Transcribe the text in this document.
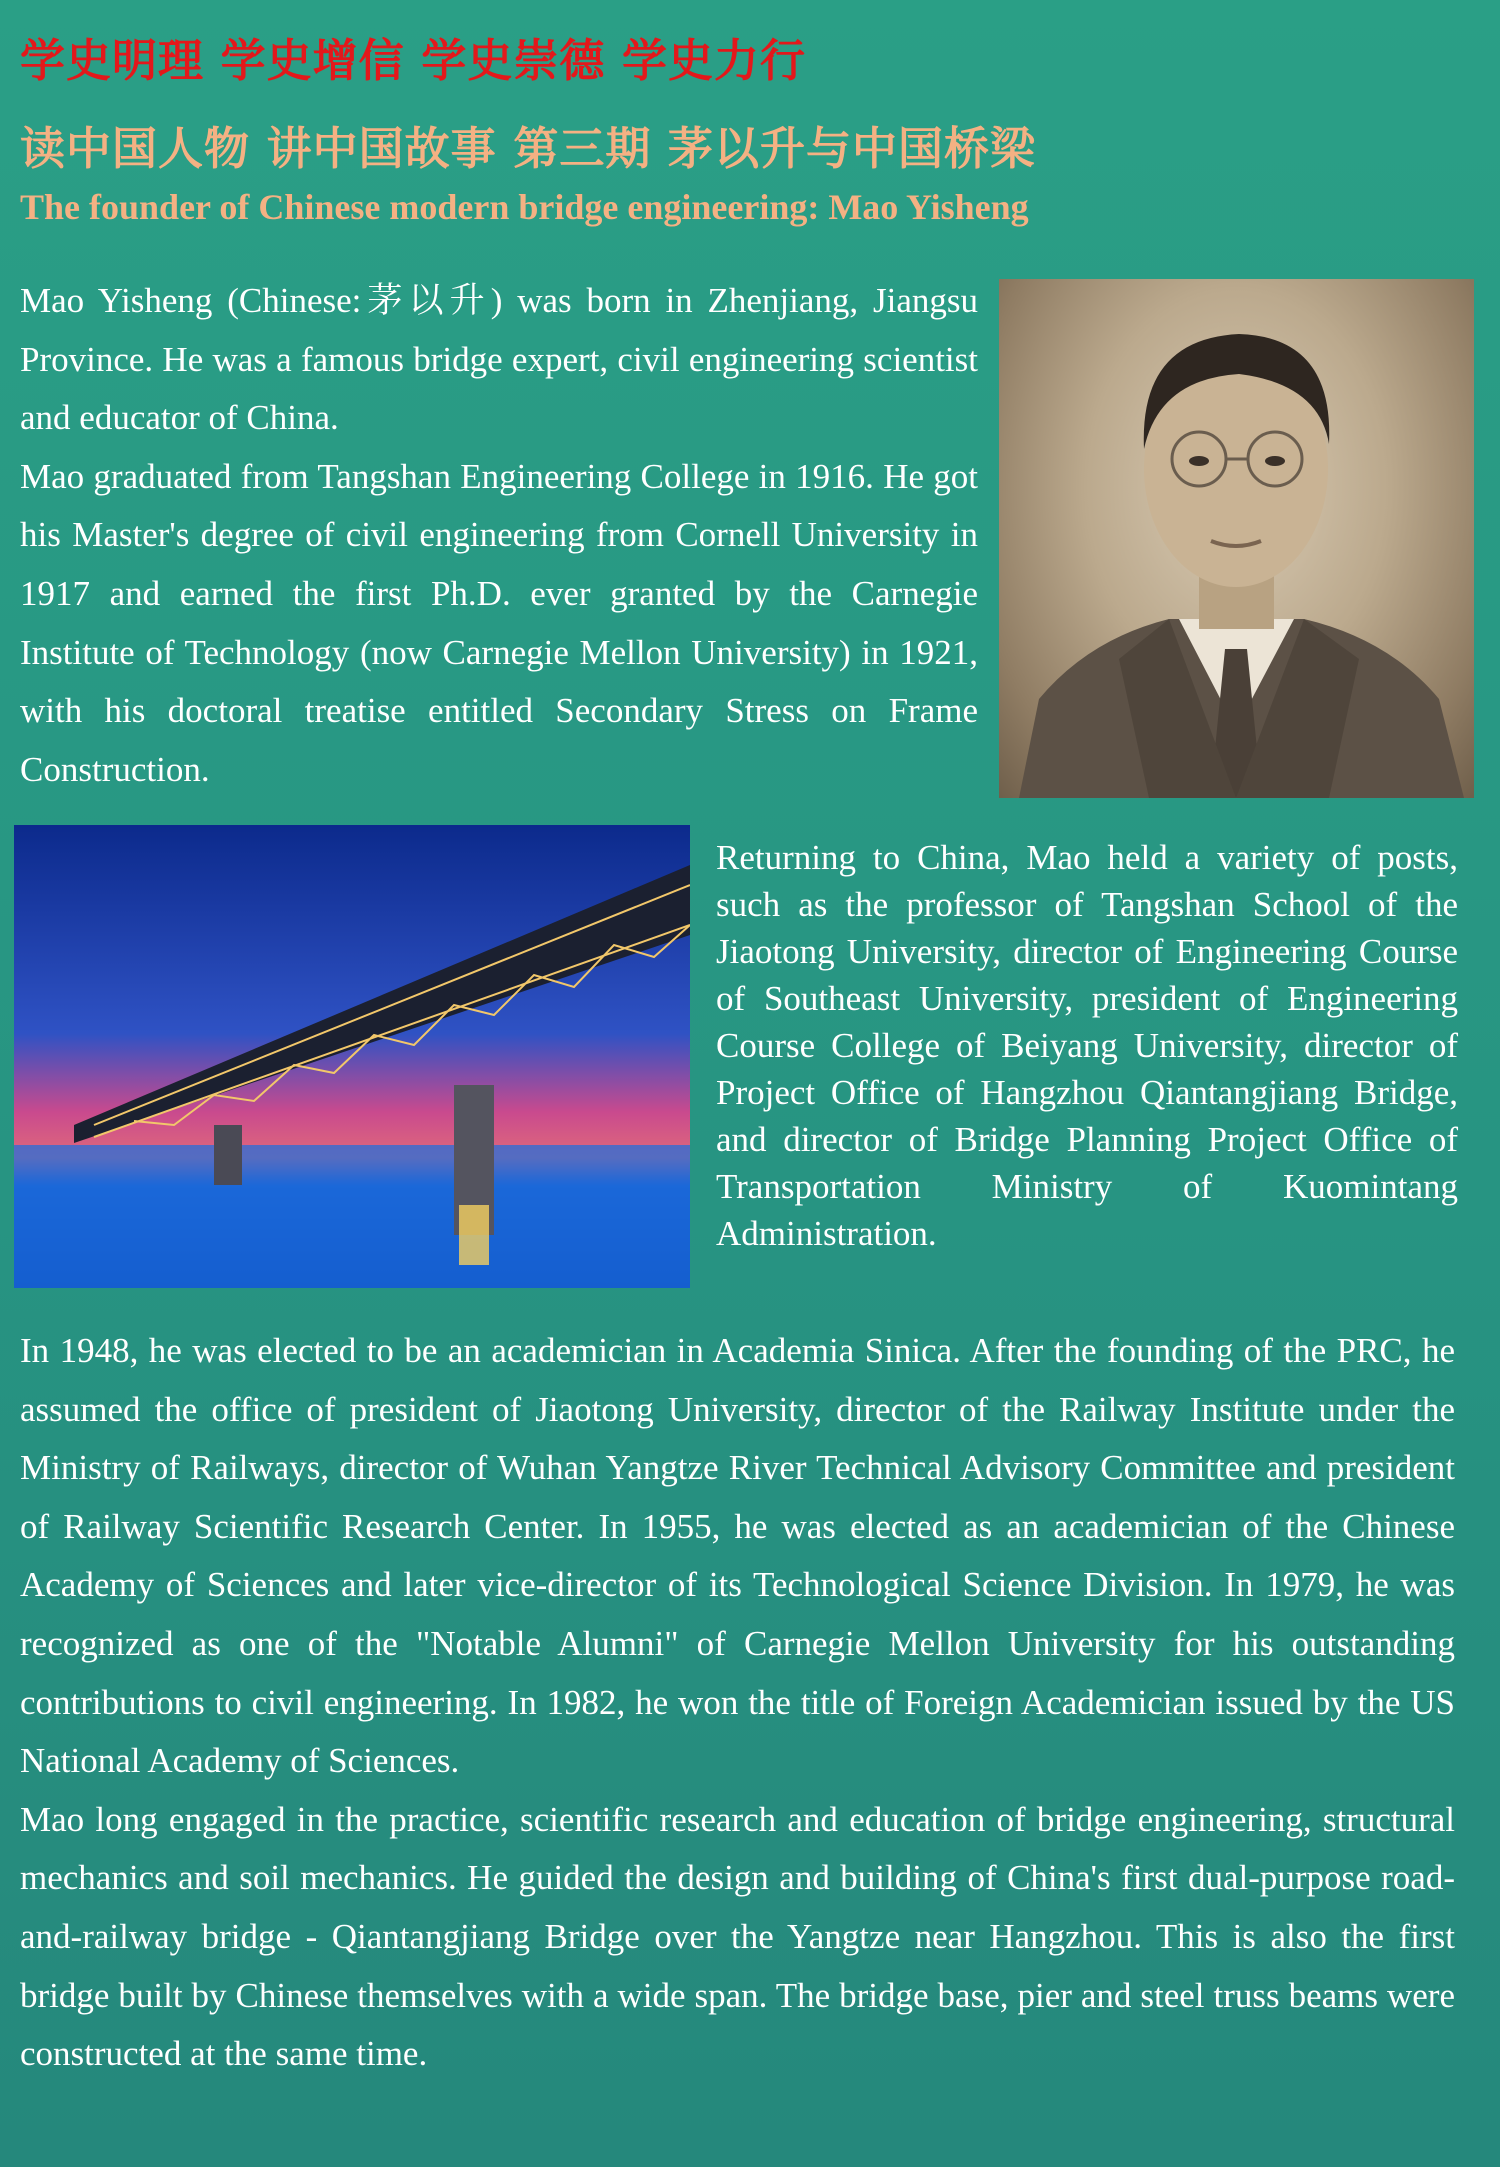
学史明理 学史增信 学史崇德 学史力行
读中国人物 讲中国故事 第三期 茅以升与中国桥梁
The founder of Chinese modern bridge engineering: Mao Yisheng

Mao Yisheng (Chinese:茅以升) was born in Zhenjiang, Jiangsu Province. He was a famous bridge expert, civil engineering scientist and educator of China.

Mao graduated from Tangshan Engineering College in 1916. He got his Master's degree of civil engineering from Cornell University in 1917 and earned the first Ph.D. ever granted by the Carnegie Institute of Technology (now Carnegie Mellon University) in 1921, with his doctoral treatise entitled Secondary Stress on Frame Construction.

Returning to China, Mao held a variety of posts, such as the professor of Tangshan School of the Jiaotong University, director of Engineering Course of Southeast University, president of Engineering Course College of Beiyang University, director of Project Office of Hangzhou Qiantangjiang Bridge, and director of Bridge Planning Project Office of Transportation Ministry of Kuomintang Administration.

In 1948, he was elected to be an academician in Academia Sinica. After the founding of the PRC, he assumed the office of president of Jiaotong University, director of the Railway Institute under the Ministry of Railways, director of Wuhan Yangtze River Technical Advisory Committee and president of Railway Scientific Research Center. In 1955, he was elected as an academician of the Chinese Academy of Sciences and later vice-director of its Technological Science Division. In 1979, he was recognized as one of the "Notable Alumni" of Carnegie Mellon University for his outstanding contributions to civil engineering. In 1982, he won the title of Foreign Academician issued by the US National Academy of Sciences.

Mao long engaged in the practice, scientific research and education of bridge engineering, structural mechanics and soil mechanics. He guided the design and building of China's first dual-purpose road-and-railway bridge - Qiantangjiang Bridge over the Yangtze near Hangzhou. This is also the first bridge built by Chinese themselves with a wide span. The bridge base, pier and steel truss beams were constructed at the same time.
